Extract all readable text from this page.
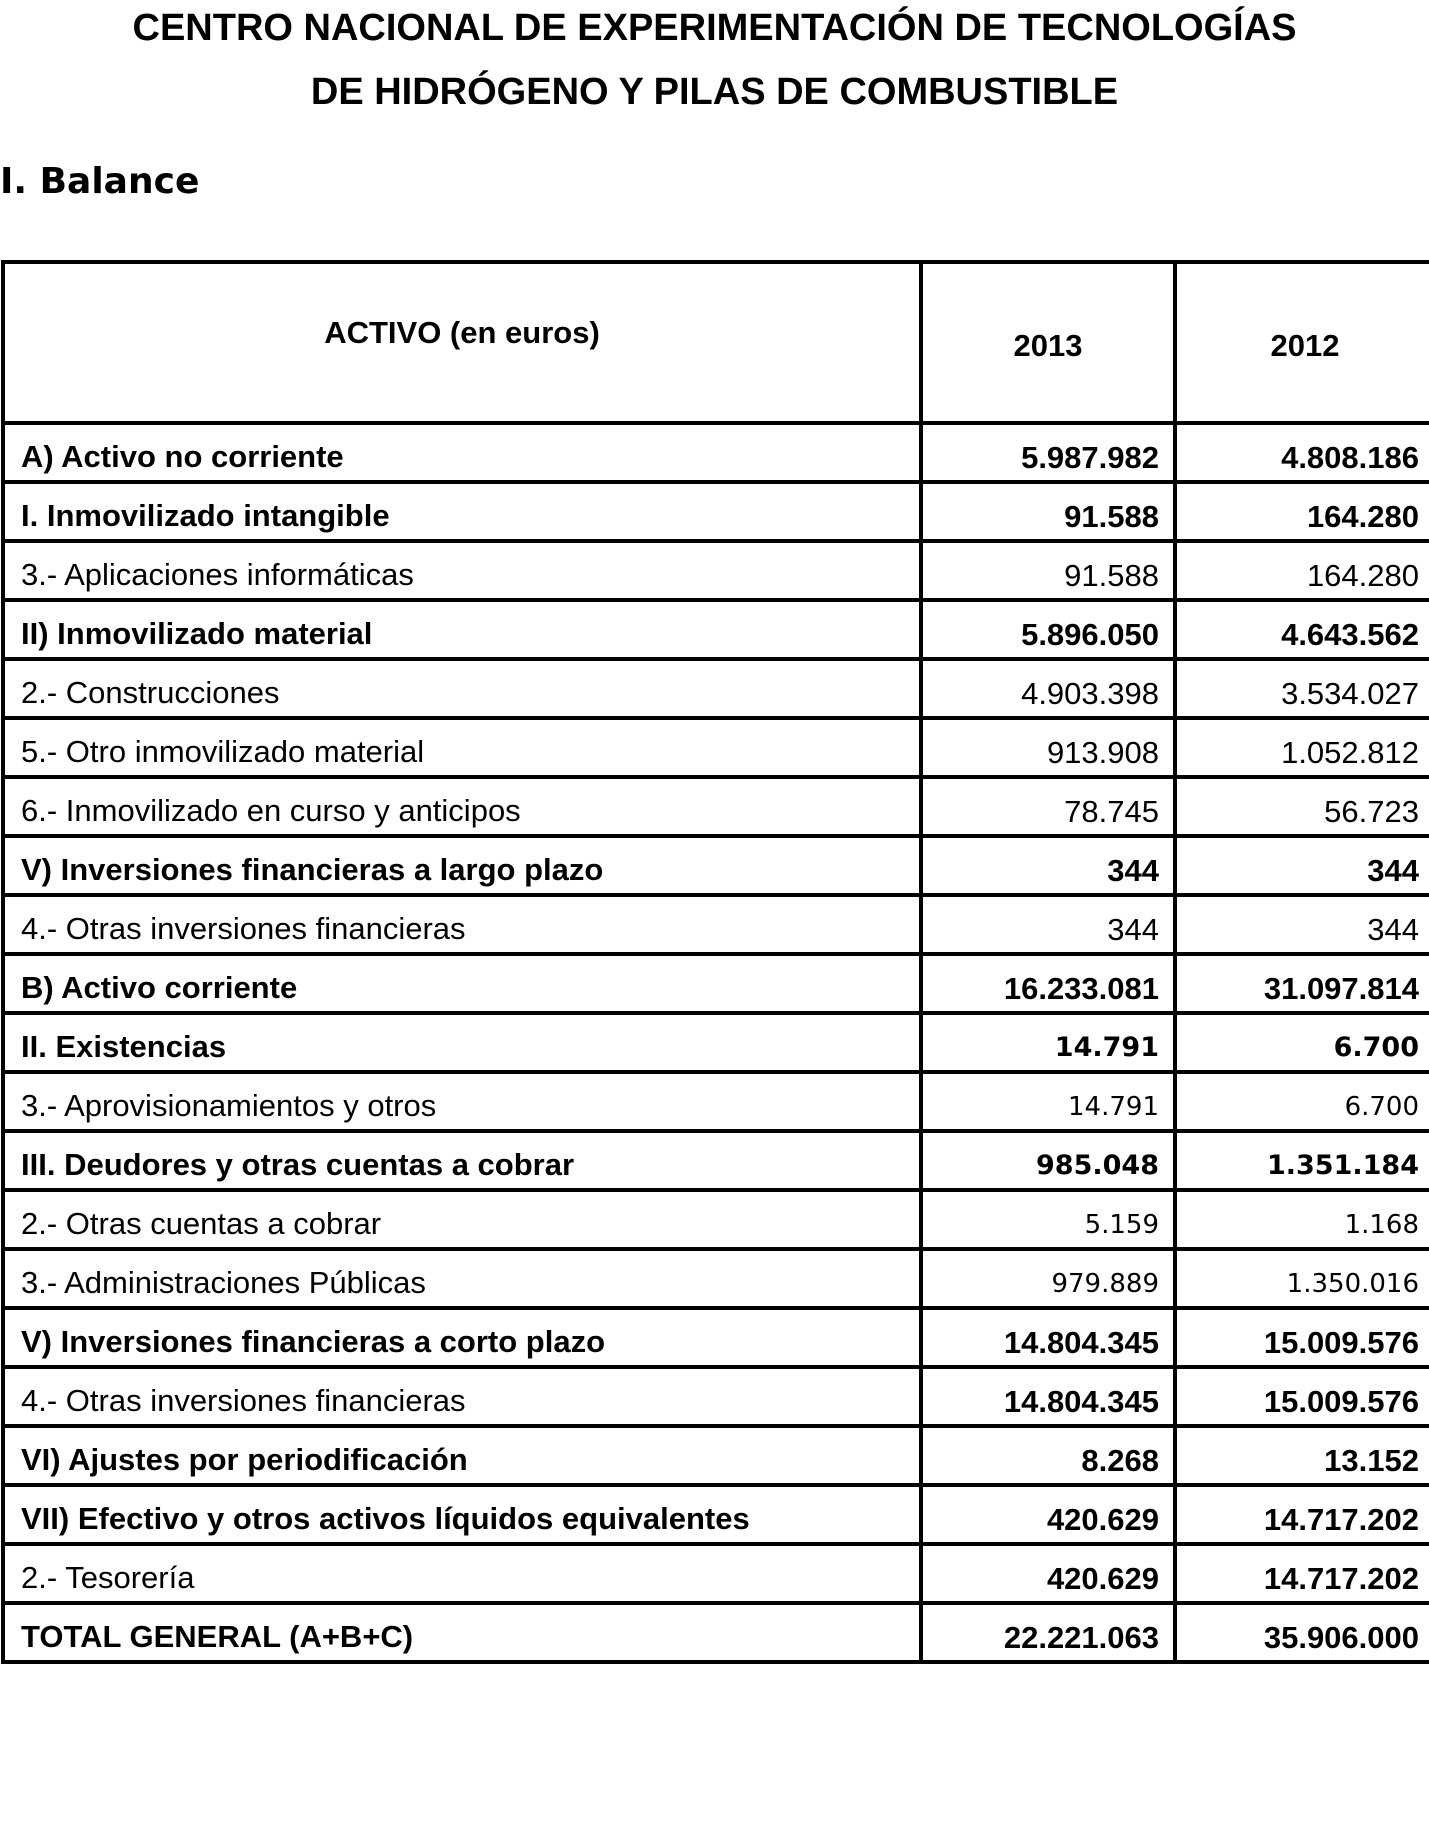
CENTRO NACIONAL DE EXPERIMENTACIÓN DE TECNOLOGÍAS
DE HIDRÓGENO Y PILAS DE COMBUSTIBLE
I. Balance
ACTIVO (en euros)	2013	2012
A) Activo no corriente	5.987.982	4.808.186
I. Inmovilizado intangible	91.588	164.280
3.- Aplicaciones informáticas	91.588	164.280
II) Inmovilizado material	5.896.050	4.643.562
2.- Construcciones	4.903.398	3.534.027
5.- Otro inmovilizado material	913.908	1.052.812
6.- Inmovilizado en curso y anticipos	78.745	56.723
V) Inversiones financieras a largo plazo	344	344
4.- Otras inversiones financieras	344	344
B) Activo corriente	16.233.081	31.097.814
II. Existencias	14.791	6.700
3.- Aprovisionamientos y otros	14.791	6.700
III. Deudores y otras cuentas a cobrar	985.048	1.351.184
2.- Otras cuentas a cobrar	5.159	1.168
3.- Administraciones Públicas	979.889	1.350.016
V) Inversiones financieras a corto plazo	14.804.345	15.009.576
4.- Otras inversiones financieras	14.804.345	15.009.576
VI) Ajustes por periodificación	8.268	13.152
VII) Efectivo y otros activos líquidos equivalentes	420.629	14.717.202
2.- Tesorería	420.629	14.717.202
TOTAL GENERAL (A+B+C)	22.221.063	35.906.000
